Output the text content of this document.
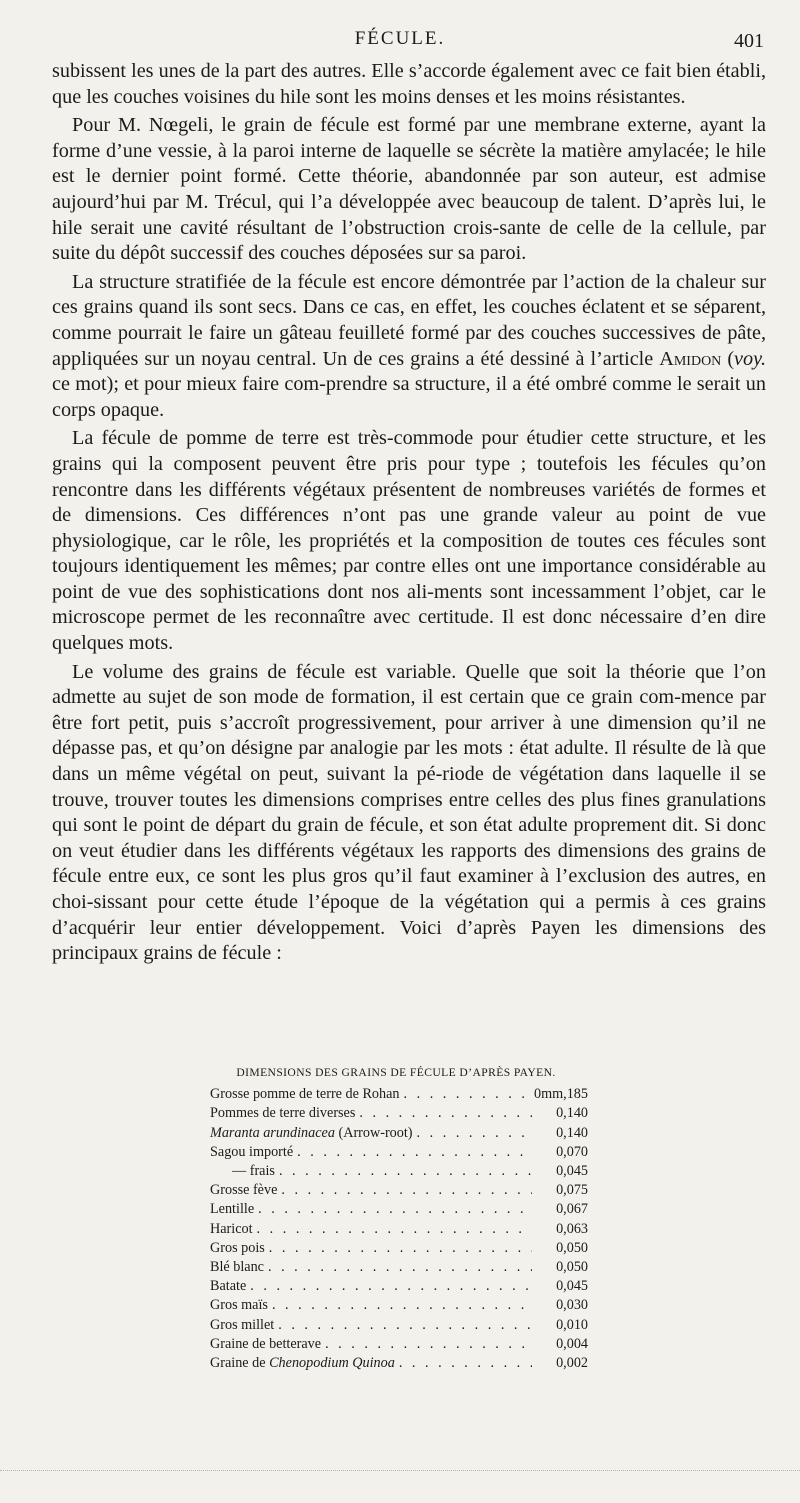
FÉCULE.	401

subissent les unes de la part des autres. Elle s’accorde également avec ce fait bien établi, que les couches voisines du hile sont les moins denses et les moins résistantes.

Pour M. Nœgeli, le grain de fécule est formé par une membrane externe, ayant la forme d’une vessie, à la paroi interne de laquelle se sécrète la matière amylacée; le hile est le dernier point formé. Cette théorie, abandonnée par son auteur, est admise aujourd’hui par M. Trécul, qui l’a développée avec beaucoup de talent. D’après lui, le hile serait une cavité résultant de l’obstruction crois-sante de celle de la cellule, par suite du dépôt successif des couches déposées sur sa paroi.

La structure stratifiée de la fécule est encore démontrée par l’action de la chaleur sur ces grains quand ils sont secs. Dans ce cas, en effet, les couches éclatent et se séparent, comme pourrait le faire un gâteau feuilleté formé par des couches successives de pâte, appliquées sur un noyau central. Un de ces grains a été dessiné à l’article Amidon (voy. ce mot); et pour mieux faire com-prendre sa structure, il a été ombré comme le serait un corps opaque.

La fécule de pomme de terre est très-commode pour étudier cette structure, et les grains qui la composent peuvent être pris pour type ; toutefois les fécules qu’on rencontre dans les différents végétaux présentent de nombreuses variétés de formes et de dimensions. Ces différences n’ont pas une grande valeur au point de vue physiologique, car le rôle, les propriétés et la composition de toutes ces fécules sont toujours identiquement les mêmes; par contre elles ont une importance considérable au point de vue des sophistications dont nos ali-ments sont incessamment l’objet, car le microscope permet de les reconnaître avec certitude. Il est donc nécessaire d’en dire quelques mots.

Le volume des grains de fécule est variable. Quelle que soit la théorie que l’on admette au sujet de son mode de formation, il est certain que ce grain com-mence par être fort petit, puis s’accroît progressivement, pour arriver à une dimension qu’il ne dépasse pas, et qu’on désigne par analogie par les mots : état adulte. Il résulte de là que dans un même végétal on peut, suivant la pé-riode de végétation dans laquelle il se trouve, trouver toutes les dimensions comprises entre celles des plus fines granulations qui sont le point de départ du grain de fécule, et son état adulte proprement dit. Si donc on veut étudier dans les différents végétaux les rapports des dimensions des grains de fécule entre eux, ce sont les plus gros qu’il faut examiner à l’exclusion des autres, en choi-sissant pour cette étude l’époque de la végétation qui a permis à ces grains d’acquérir leur entier développement. Voici d’après Payen les dimensions des principaux grains de fécule :

DIMENSIONS DES GRAINS DE FÉCULE D’APRÈS PAYEN.
Grosse pomme de terre de Rohan . . .	0mm,185
Pommes de terre diverses . . .	0,140
Maranta arundinacea (Arrow-root) . . .	0,140
Sagou importé . . .	0,070
— frais . . .	0,045
Grosse fève . . .	0,075
Lentille . . .	0,067
Haricot . . .	0,063
Gros pois . . .	0,050
Blé blanc . . .	0,050
Batate . . .	0,045
Gros maïs . . .	0,030
Gros millet . . .	0,010
Graine de betterave . . .	0,004
Graine de Chenopodium Quinoa . . .	0,002
